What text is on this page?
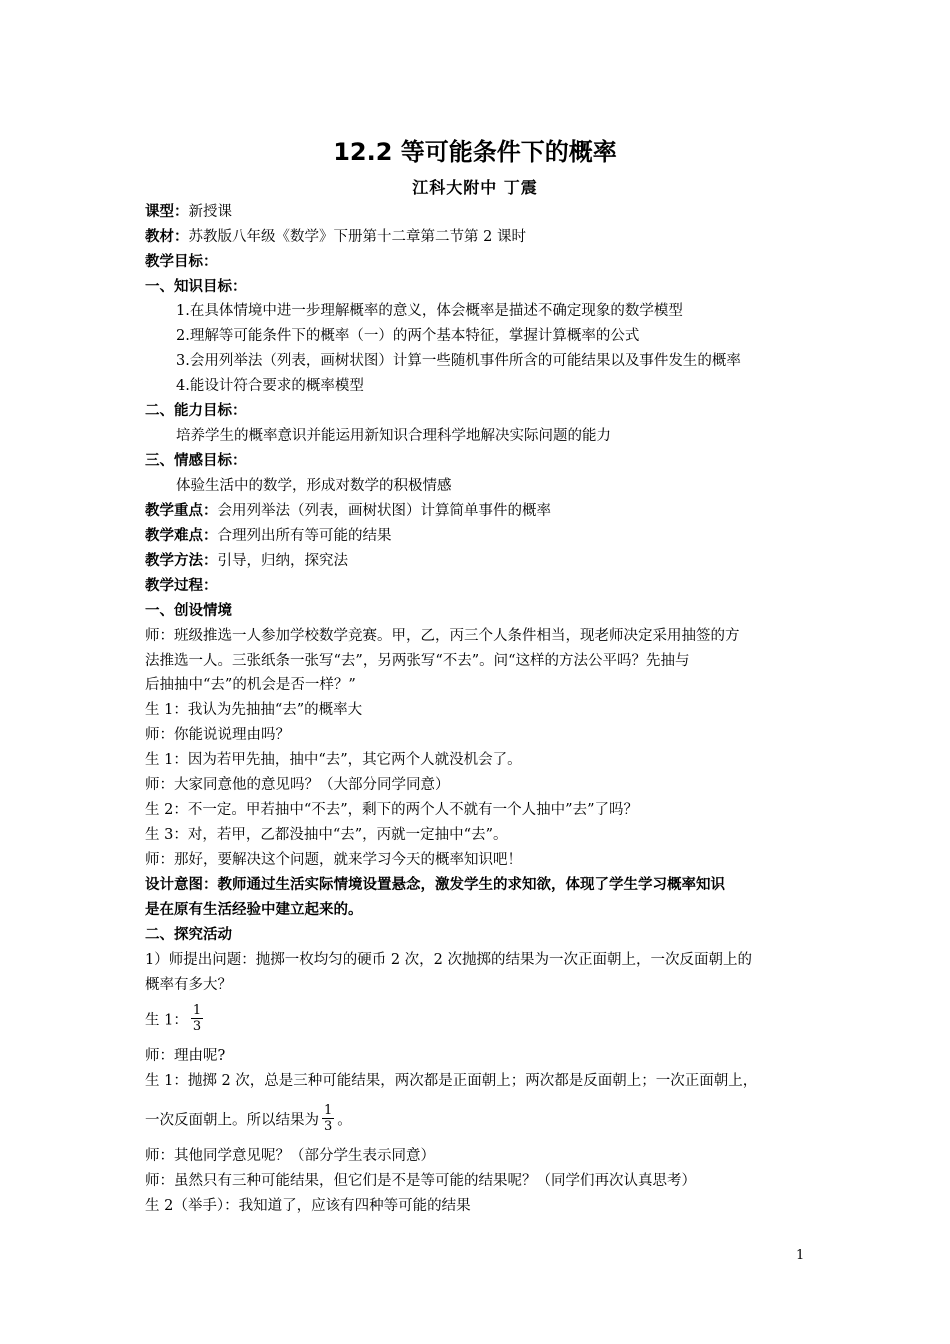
12.2 等可能条件下的概率
江科大附中 丁震
课型：新授课
教材：苏教版八年级《数学》下册第十二章第二节第 2 课时
教学目标：
一、知识目标：
1.在具体情境中进一步理解概率的意义，体会概率是描述不确定现象的数学模型
2.理解等可能条件下的概率（一）的两个基本特征，掌握计算概率的公式
3.会用列举法（列表，画树状图）计算一些随机事件所含的可能结果以及事件发生的概率
4.能设计符合要求的概率模型
二、能力目标：
培养学生的概率意识并能运用新知识合理科学地解决实际问题的能力
三、情感目标：
体验生活中的数学，形成对数学的积极情感
教学重点：会用列举法（列表，画树状图）计算简单事件的概率
教学难点：合理列出所有等可能的结果
教学方法：引导，归纳，探究法
教学过程：
一、创设情境
师：班级推选一人参加学校数学竞赛。甲，乙，丙三个人条件相当，现老师决定采用抽签的方
法推选一人。三张纸条一张写“去”，另两张写“不去”。问“这样的方法公平吗？先抽与
后抽抽中“去”的机会是否一样？”
生 1：我认为先抽抽“去”的概率大
师：你能说说理由吗？
生 1：因为若甲先抽，抽中“去”，其它两个人就没机会了。
师：大家同意他的意见吗？（大部分同学同意）
生 2：不一定。甲若抽中“不去”，剩下的两个人不就有一个人抽中”去”了吗？
生 3：对，若甲，乙都没抽中“去”，丙就一定抽中“去”。
师：那好，要解决这个问题，就来学习今天的概率知识吧！
设计意图：教师通过生活实际情境设置悬念，激发学生的求知欲，体现了学生学习概率知识
是在原有生活经验中建立起来的。
二、探究活动
1）师提出问题：抛掷一枚均匀的硬币 2 次，2 次抛掷的结果为一次正面朝上，一次反面朝上的
概率有多大？
生 1： $\frac{1}{3}$
师：理由呢?
生 1：抛掷 2 次，总是三种可能结果，两次都是正面朝上；两次都是反面朝上；一次正面朝上，
一次反面朝上。所以结果为 $\frac{1}{3}$ 。
师：其他同学意见呢？（部分学生表示同意）
师：虽然只有三种可能结果，但它们是不是等可能的结果呢？（同学们再次认真思考）
生 2（举手）：我知道了，应该有四种等可能的结果
1
